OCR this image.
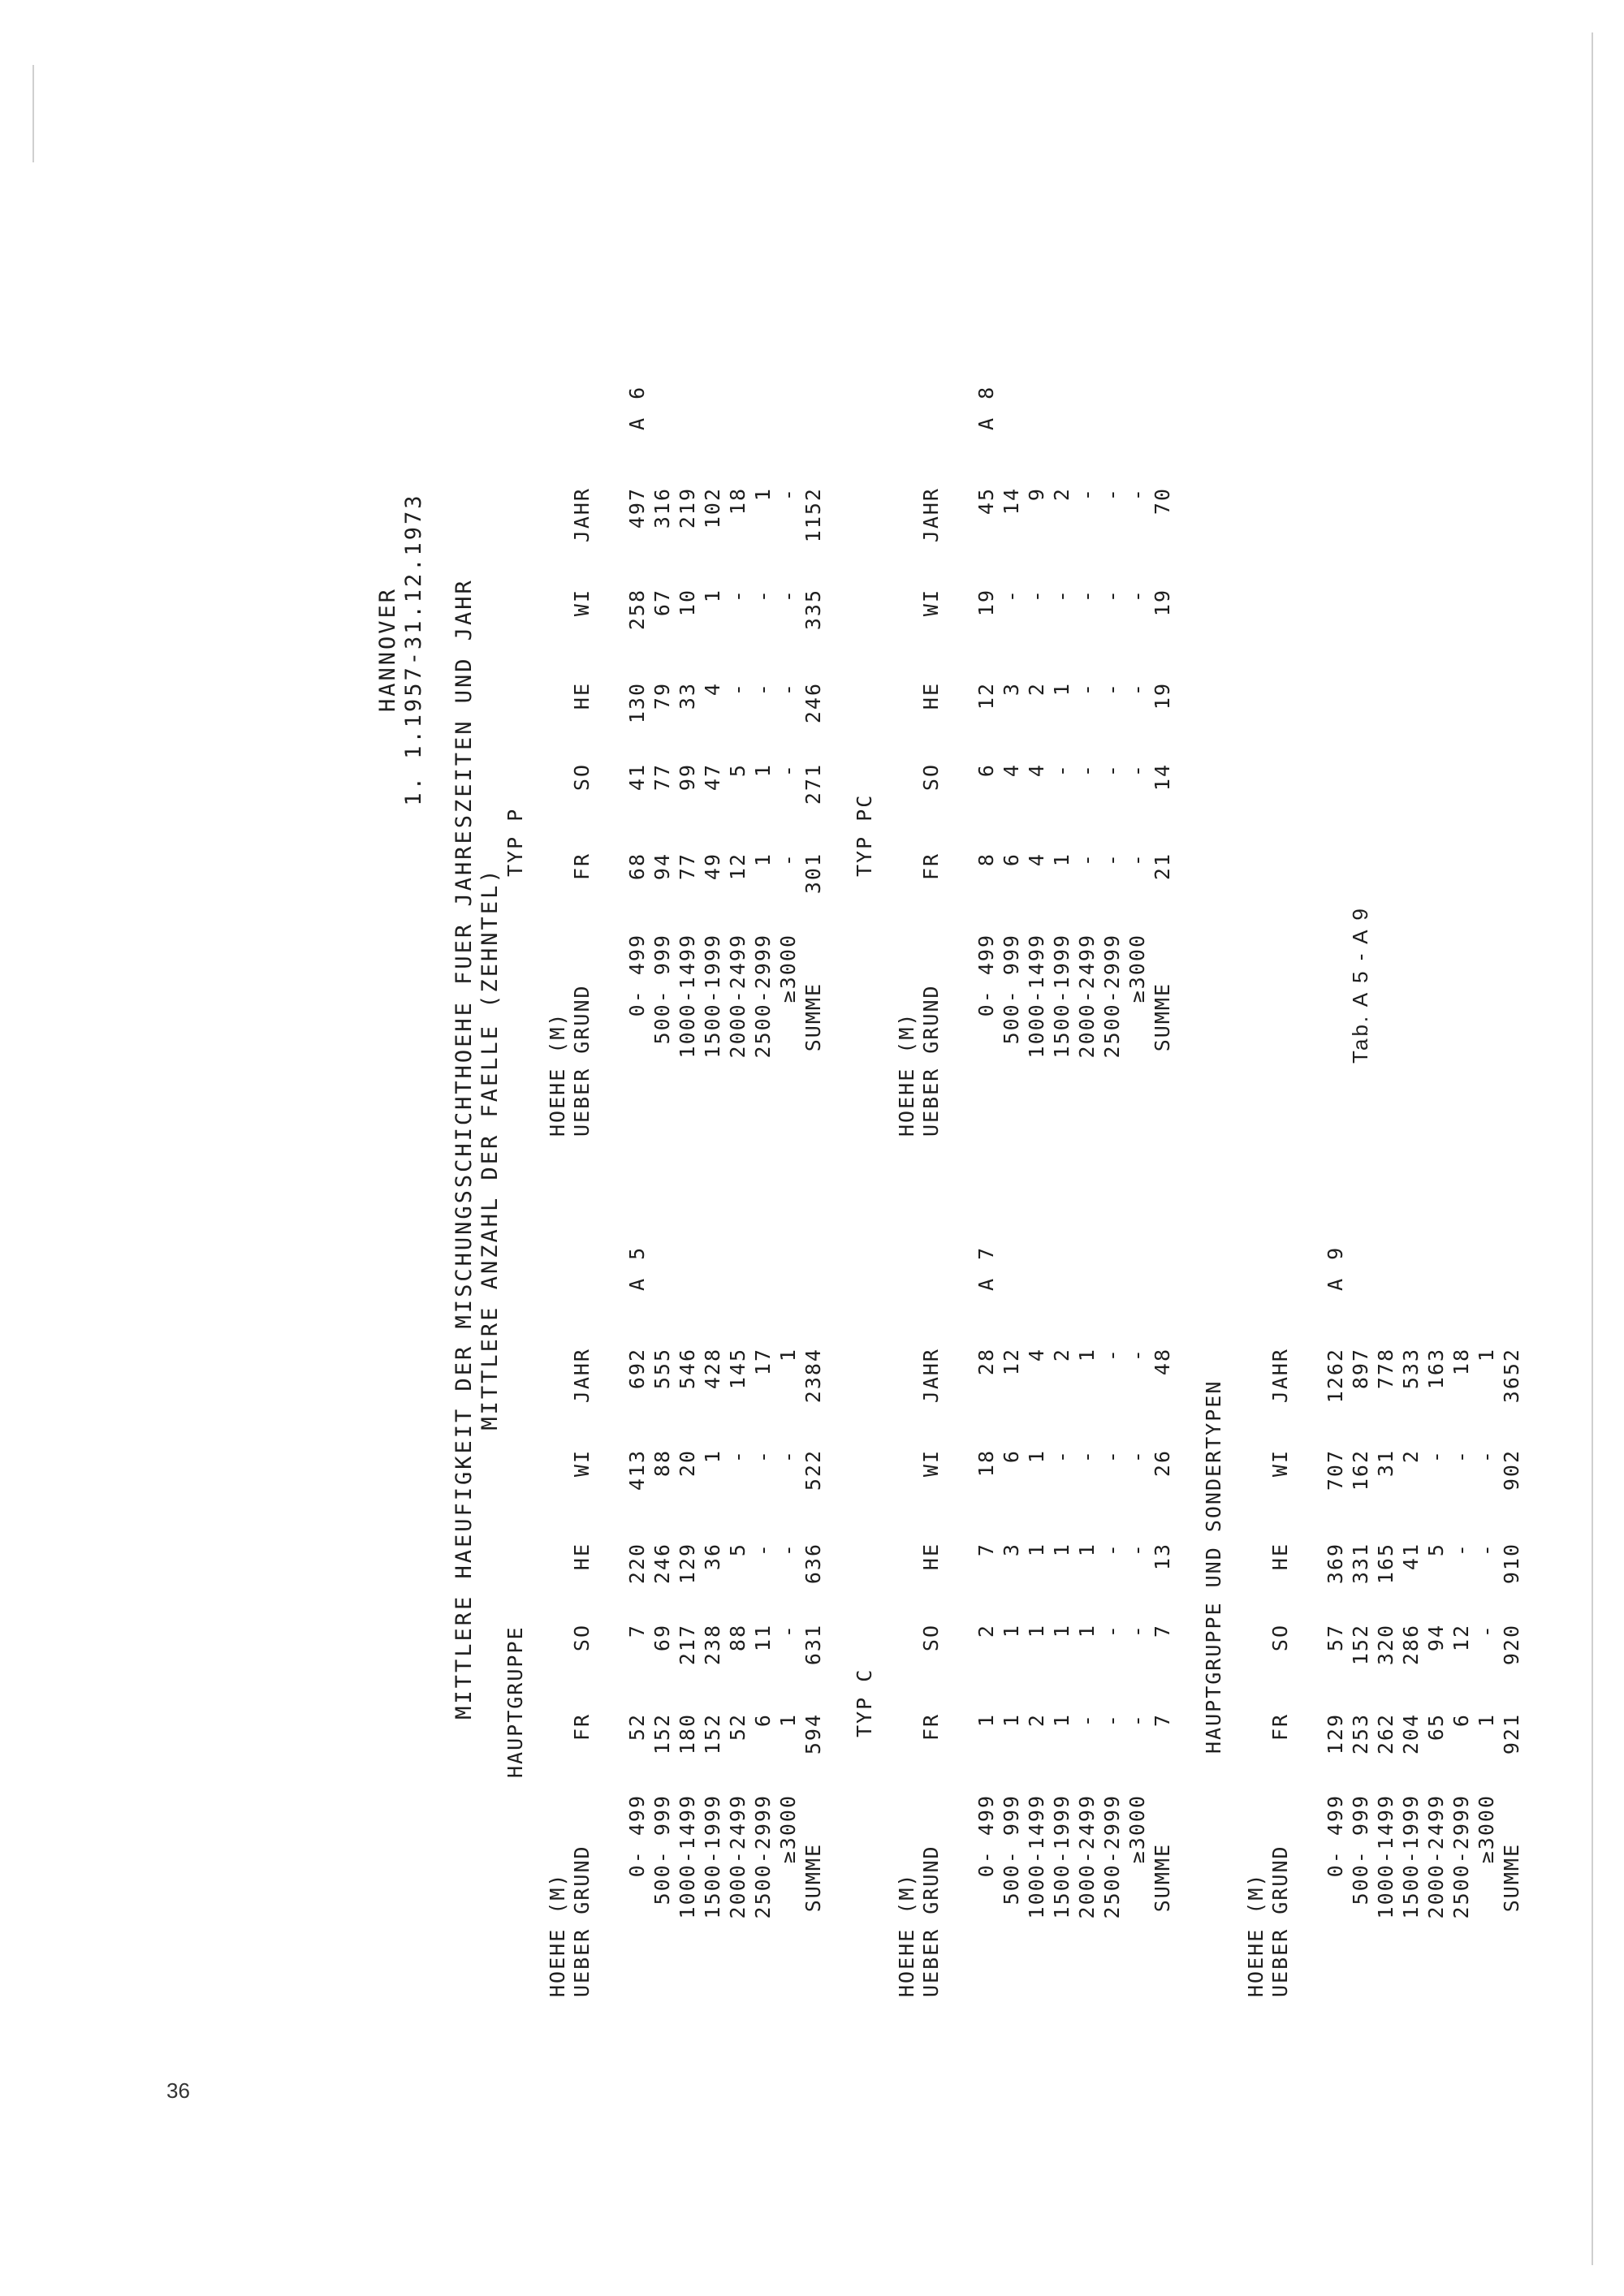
36
HANNOVER 1. 1.1957-31.12.1973 MITTLERE HAEUFIGKEIT DER MISCHUNGSSCHICHTHOEHE FUER JAHRESZEITEN UND JAHR MITTLERE ANZAHL DER FAELLE (ZEHNTEL)
HAUPTGRUPPE
HOEHE (M) UEBER GRUND
FR
SO
HE
WI
JAHR
0- 499
52
7
220
413
692
500- 999
152
69
246
88
555
1000-1499
180
217
129
20
546
1500-1999
152
238
36
1
428
2000-2499
52
88
5
-
145
2500-2999
6
11
-
-
17
≥3000
1
-
-
-
1
SUMME
594
631
636
522
2384
A 5
TYP P
HOEHE (M) UEBER GRUND
FR
SO
HE
WI
JAHR
0- 499
68
41
130
258
497
500- 999
94
77
79
67
316
1000-1499
77
99
33
10
219
1500-1999
49
47
4
1
102
2000-2499
12
5
-
-
18
2500-2999
1
1
-
-
1
≥3000
-
-
-
-
-
SUMME
301
271
246
335
1152
A 6
TYP C
HOEHE (M) UEBER GRUND
FR
SO
HE
WI
JAHR
0- 499
1
2
7
18
28
500- 999
1
1
3
6
12
1000-1499
2
1
1
1
4
1500-1999
1
1
1
-
2
2000-2499
-
1
1
-
1
2500-2999
-
-
-
-
-
≥3000
-
-
-
-
-
SUMME
7
7
13
26
48
A 7
TYP PC
HOEHE (M) UEBER GRUND
FR
SO
HE
WI
JAHR
0- 499
8
6
12
19
45
500- 999
6
4
3
-
14
1000-1499
4
4
2
-
9
1500-1999
1
-
1
-
2
2000-2499
-
-
-
-
-
2500-2999
-
-
-
-
-
≥3000
-
-
-
-
-
SUMME
21
14
19
19
70
A 8
HAUPTGRUPPE UND SONDERTYPEN
HOEHE (M) UEBER GRUND
FR
SO
HE
WI
JAHR
0- 499
129
57
369
707
1262
500- 999
253
152
331
162
897
1000-1499
262
320
165
31
778
1500-1999
204
286
41
2
533
2000-2499
65
94
5
-
163
2500-2999
6
12
-
-
18
≥3000
1
-
-
-
1
SUMME
921
920
910
902
3652
A 9
Tab. A 5 - A 9
